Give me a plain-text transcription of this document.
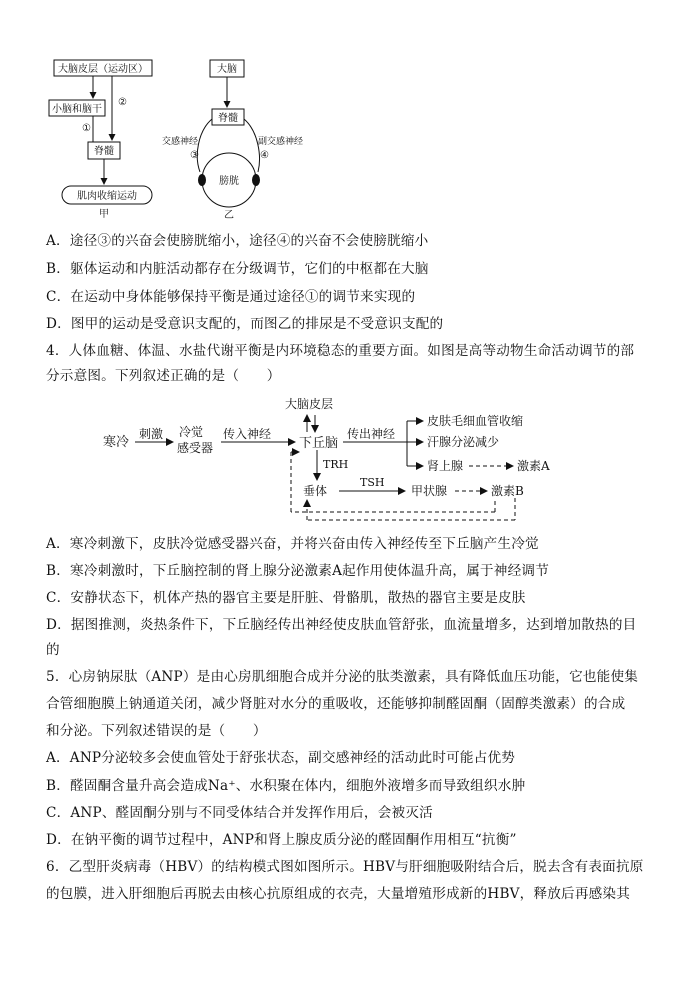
大脑皮层（运动区）
②
小脑和脑干
①
脊髓
肌肉收缩运动
甲
大脑
脊髓
交感神经	副交感神经
③	④
膀胱
乙
A．途径③的兴奋会使膀胱缩小，途径④的兴奋不会使膀胱缩小
B．躯体运动和内脏活动都存在分级调节，它们的中枢都在大脑
C．在运动中身体能够保持平衡是通过途径①的调节来实现的
D．图甲的运动是受意识支配的，而图乙的排尿是不受意识支配的
4．人体血糖、体温、水盐代谢平衡是内环境稳态的重要方面。如图是高等动物生命活动调节的部
分示意图。下列叙述正确的是（　　）
寒冷
刺激 冷觉
感受器
传入神经
大脑皮层
下丘脑
传出神经
皮肤毛细血管收缩
汗腺分泌减少
肾上腺	激素A
TRH
垂体
TSH
甲状腺	激素B
A．寒冷刺激下，皮肤冷觉感受器兴奋，并将兴奋由传入神经传至下丘脑产生冷觉
B．寒冷刺激时，下丘脑控制的肾上腺分泌激素A起作用使体温升高，属于神经调节
C．安静状态下，机体产热的器官主要是肝脏、骨骼肌，散热的器官主要是皮肤
D．据图推测，炎热条件下，下丘脑经传出神经使皮肤血管舒张，血流量增多，达到增加散热的目
的
5．心房钠尿肽（ANP）是由心房肌细胞合成并分泌的肽类激素，具有降低血压功能，它也能使集
合管细胞膜上钠通道关闭，减少肾脏对水分的重吸收，还能够抑制醛固酮（固醇类激素）的合成
和分泌。下列叙述错误的是（　　）
A．ANP分泌较多会使血管处于舒张状态，副交感神经的活动此时可能占优势
B．醛固酮含量升高会造成Na⁺、水积聚在体内，细胞外液增多而导致组织水肿
C．ANP、醛固酮分别与不同受体结合并发挥作用后，会被灭活
D．在钠平衡的调节过程中，ANP和肾上腺皮质分泌的醛固酮作用相互“抗衡”
6．乙型肝炎病毒（HBV）的结构模式图如图所示。HBV与肝细胞吸附结合后，脱去含有表面抗原
的包膜，进入肝细胞后再脱去由核心抗原组成的衣壳，大量增殖形成新的HBV，释放后再感染其
